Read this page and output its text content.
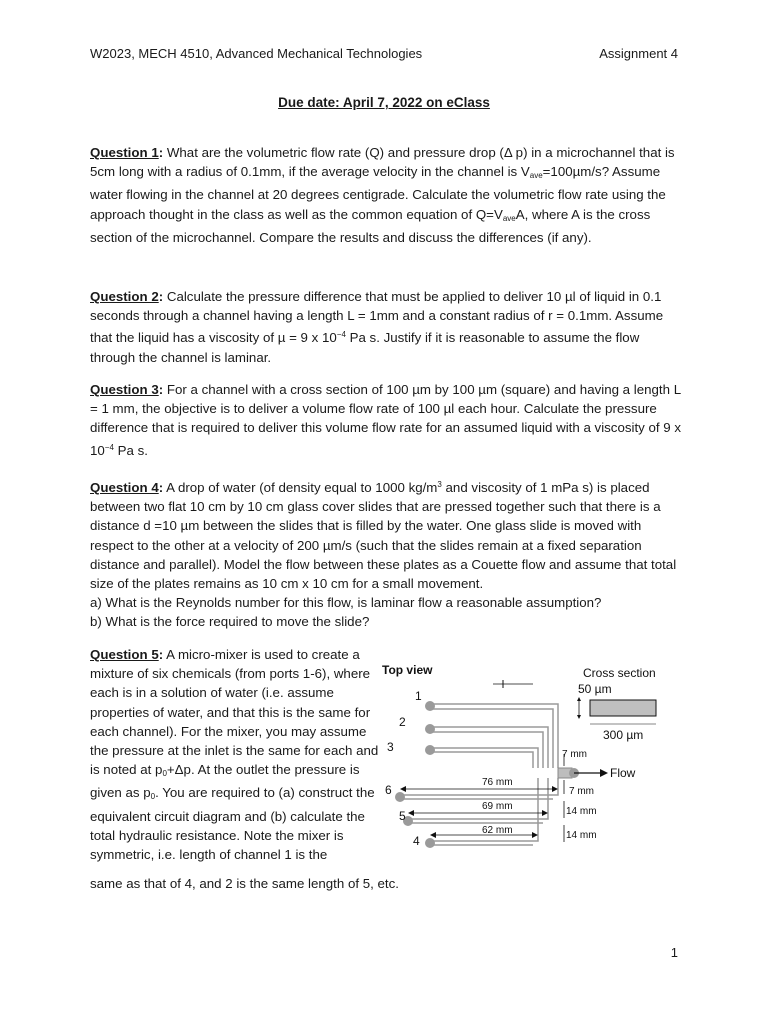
W2023, MECH 4510, Advanced Mechanical Technologies	Assignment 4
Due date: April 7, 2022 on eClass
Question 1: What are the volumetric flow rate (Q) and pressure drop (Δ p) in a microchannel that is 5cm long with a radius of 0.1mm, if the average velocity in the channel is $V_{ave}=100\mu m/s$? Assume water flowing in the channel at 20 degrees centigrade. Calculate the volumetric flow rate using the approach thought in the class as well as the common equation of $Q=V_{ave}A$, where A is the cross section of the microchannel. Compare the results and discuss the differences (if any).
Question 2: Calculate the pressure difference that must be applied to deliver 10 µl of liquid in 0.1 seconds through a channel having a length L = 1mm and a constant radius of r = 0.1mm. Assume that the liquid has a viscosity of µ = 9 x $10^{-4}$ Pa s. Justify if it is reasonable to assume the flow through the channel is laminar.
Question 3: For a channel with a cross section of 100 µm by 100 µm (square) and having a length L = 1 mm, the objective is to deliver a volume flow rate of 100 µl each hour. Calculate the pressure difference that is required to deliver this volume flow rate for an assumed liquid with a viscosity of 9 x $10^{-4}$ Pa s.
Question 4: A drop of water (of density equal to 1000 $kg/m^3$ and viscosity of 1 mPa s) is placed between two flat 10 cm by 10 cm glass cover slides that are pressed together such that there is a distance d =10 µm between the slides that is filled by the water. One glass slide is moved with respect to the other at a velocity of 200 µm/s (such that the slides remain at a fixed separation distance and parallel). Model the flow between these plates as a Couette flow and assume that total size of the plates remains as 10 cm x 10 cm for a small movement.
a) What is the Reynolds number for this flow, is laminar flow a reasonable assumption?
b) What is the force required to move the slide?
Question 5: A micro-mixer is used to create a mixture of six chemicals (from ports 1-6), where each is in a solution of water (i.e. assume properties of water, and that this is the same for each channel). For the mixer, you may assume the pressure at the inlet is the same for each and is noted at $p_0+\Delta p$. At the outlet the pressure is given as $p_0$. You are required to (a) construct the equivalent circuit diagram and (b) calculate the total hydraulic resistance. Note the mixer is symmetric, i.e. length of channel 1 is the
same as that of 4, and 2 is the same length of 5, etc.
Top view	Cross section
50 µm
300 µm
Flow
1
2
3
6
5
4
76 mm
69 mm
62 mm
7 mm
7 mm
14 mm
14 mm
1
